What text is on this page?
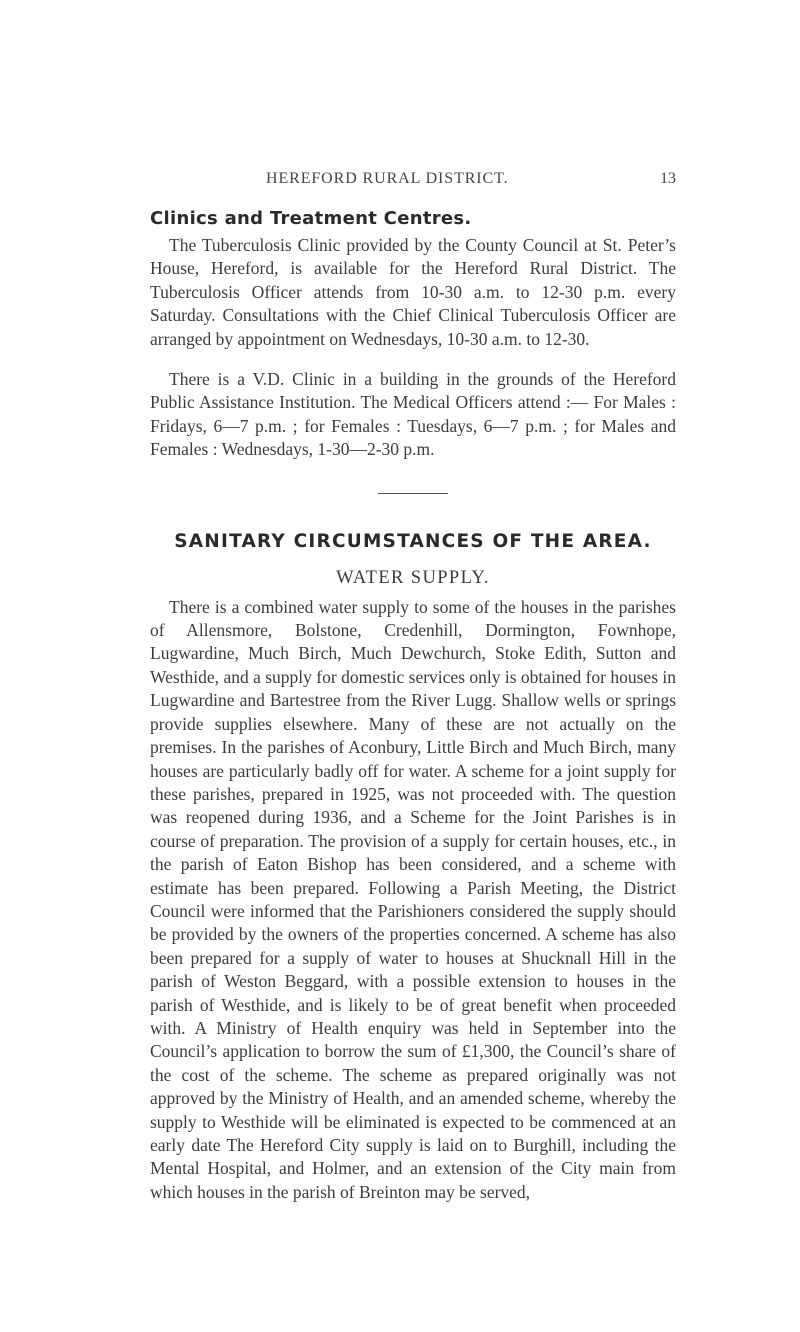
HEREFORD RURAL DISTRICT.	13
Clinics and Treatment Centres.

The Tuberculosis Clinic provided by the County Council at St. Peter’s House, Hereford, is available for the Hereford Rural District. The Tuberculosis Officer attends from 10-30 a.m. to 12-30 p.m. every Saturday. Consultations with the Chief Clinical Tuberculosis Officer are arranged by appointment on Wednesdays, 10-30 a.m. to 12-30.

There is a V.D. Clinic in a building in the grounds of the Hereford Public Assistance Institution. The Medical Officers attend :— For Males : Fridays, 6—7 p.m. ; for Females : Tuesdays, 6—7 p.m. ; for Males and Females : Wednesdays, 1-30—2-30 p.m.

SANITARY CIRCUMSTANCES OF THE AREA.
WATER SUPPLY.

There is a combined water supply to some of the houses in the parishes of Allensmore, Bolstone, Credenhill, Dormington, Fownhope, Lugwardine, Much Birch, Much Dewchurch, Stoke Edith, Sutton and Westhide, and a supply for domestic services only is obtained for houses in Lugwardine and Bartestree from the River Lugg. Shallow wells or springs provide supplies elsewhere. Many of these are not actually on the premises. In the parishes of Aconbury, Little Birch and Much Birch, many houses are particularly badly off for water. A scheme for a joint supply for these parishes, prepared in 1925, was not proceeded with. The question was reopened during 1936, and a Scheme for the Joint Parishes is in course of preparation. The provision of a supply for certain houses, etc., in the parish of Eaton Bishop has been considered, and a scheme with estimate has been prepared. Following a Parish Meeting, the District Council were informed that the Parishioners considered the supply should be provided by the owners of the properties concerned. A scheme has also been prepared for a supply of water to houses at Shucknall Hill in the parish of Weston Beggard, with a possible extension to houses in the parish of Westhide, and is likely to be of great benefit when proceeded with. A Ministry of Health enquiry was held in September into the Council’s application to borrow the sum of £1,300, the Council’s share of the cost of the scheme. The scheme as prepared originally was not approved by the Ministry of Health, and an amended scheme, whereby the supply to Westhide will be eliminated is expected to be commenced at an early date The Hereford City supply is laid on to Burghill, including the Mental Hospital, and Holmer, and an extension of the City main from which houses in the parish of Breinton may be served,
